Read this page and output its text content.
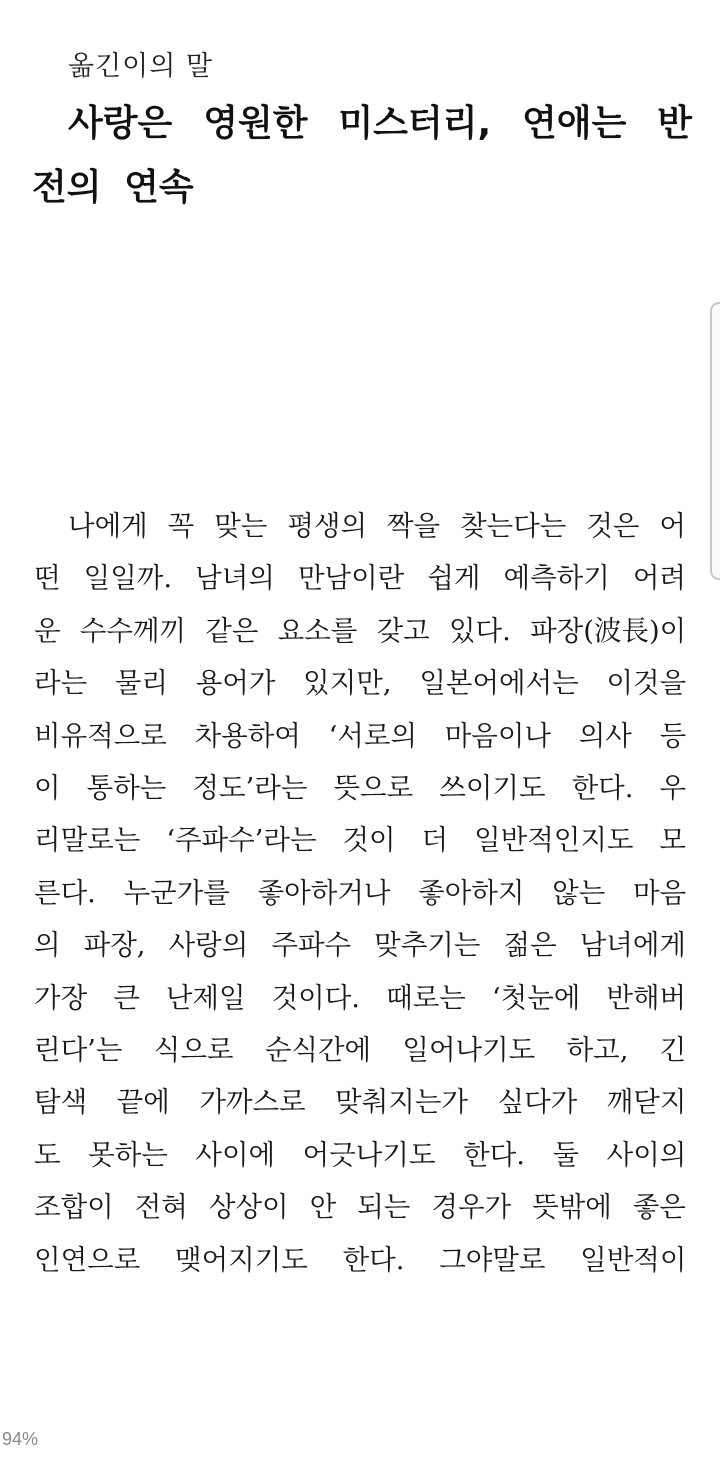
옮긴이의 말
사랑은 영원한 미스터리, 연애는 반전의 연속
나에게 꼭 맞는 평생의 짝을 찾는다는 것은 어
떤 일일까. 남녀의 만남이란 쉽게 예측하기 어려
운 수수께끼 같은 요소를 갖고 있다. 파장(波長)이
라는 물리 용어가 있지만, 일본어에서는 이것을
비유적으로 차용하여 ‘서로의 마음이나 의사 등
이 통하는 정도’라는 뜻으로 쓰이기도 한다. 우
리말로는 ‘주파수’라는 것이 더 일반적인지도 모
른다. 누군가를 좋아하거나 좋아하지 않는 마음
의 파장, 사랑의 주파수 맞추기는 젊은 남녀에게
가장 큰 난제일 것이다. 때로는 ‘첫눈에 반해버
린다’는 식으로 순식간에 일어나기도 하고, 긴
탐색 끝에 가까스로 맞춰지는가 싶다가 깨닫지
도 못하는 사이에 어긋나기도 한다. 둘 사이의
조합이 전혀 상상이 안 되는 경우가 뜻밖에 좋은
인연으로 맺어지기도 한다. 그야말로 일반적이
94%
